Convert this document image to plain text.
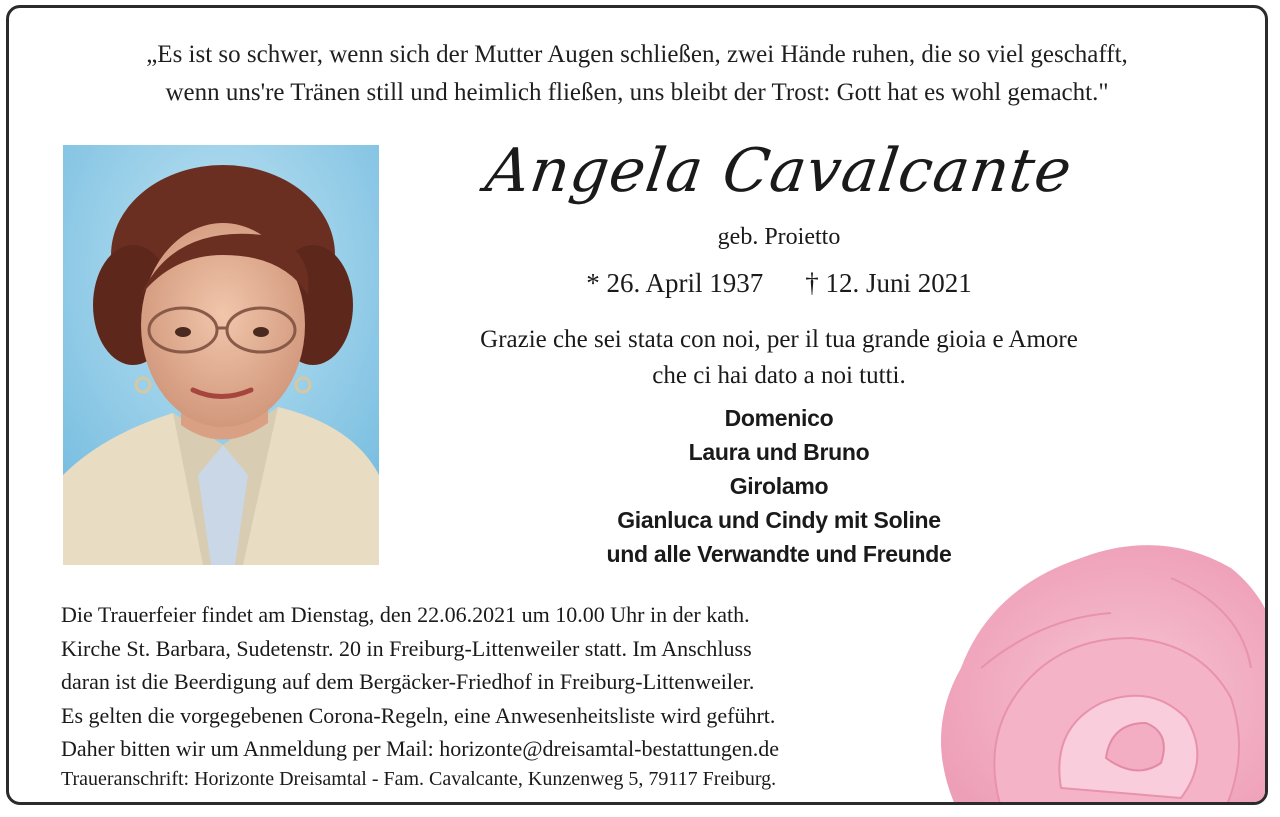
„Es ist so schwer, wenn sich der Mutter Augen schließen, zwei Hände ruhen, die so viel geschafft,
wenn uns're Tränen still und heimlich fließen, uns bleibt der Trost: Gott hat es wohl gemacht."
Angela Cavalcante
geb. Proietto
* 26. April 1937 † 12. Juni 2021
Grazie che sei stata con noi, per il tua grande gioia e Amore
che ci hai dato a noi tutti.
Domenico
Laura und Bruno
Girolamo
Gianluca und Cindy mit Soline
und alle Verwandte und Freunde
Die Trauerfeier findet am Dienstag, den 22.06.2021 um 10.00 Uhr in der kath.
Kirche St. Barbara, Sudetenstr. 20 in Freiburg-Littenweiler statt. Im Anschluss
daran ist die Beerdigung auf dem Bergäcker-Friedhof in Freiburg-Littenweiler.
Es gelten die vorgegebenen Corona-Regeln, eine Anwesenheitsliste wird geführt.
Daher bitten wir um Anmeldung per Mail: horizonte@dreisamtal-bestattungen.de
Traueranschrift: Horizonte Dreisamtal - Fam. Cavalcante, Kunzenweg 5, 79117 Freiburg.
